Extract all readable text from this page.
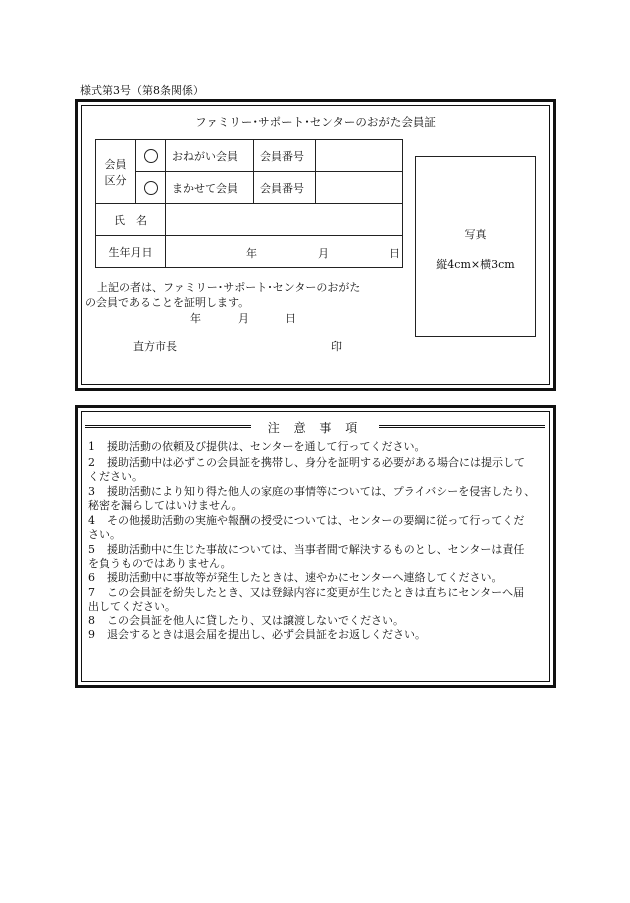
様式第3号（第8条関係）
ファミリー･サポート･センターのおがた会員証
会員
区分		おねがい会員	会員番号	
		まかせて会員	会員番号	
氏　名				
生年月日		年 月 日		
写真
縦4cm×横3cm
上記の者は、ファミリー･サポート･センターのおがた
の会員であることを証明します。
年	月	日
直方市長	印
注 意 事 項
1	援助活動の依頼及び提供は、センターを通して行ってください。
2	援助活動中は必ずこの会員証を携帯し、身分を証明する必要がある場合には提示して
ください。
3	援助活動により知り得た他人の家庭の事情等については、プライバシーを侵害したり、
秘密を漏らしてはいけません。
4	その他援助活動の実施や報酬の授受については、センターの要綱に従って行ってくだ
さい。
5	援助活動中に生じた事故については、当事者間で解決するものとし、センターは責任
を負うものではありません。
6	援助活動中に事故等が発生したときは、速やかにセンターへ連絡してください。
7	この会員証を紛失したとき、又は登録内容に変更が生じたときは直ちにセンターへ届
出してください。
8	この会員証を他人に貸したり、又は譲渡しないでください。
9	退会するときは退会届を提出し、必ず会員証をお返しください。
